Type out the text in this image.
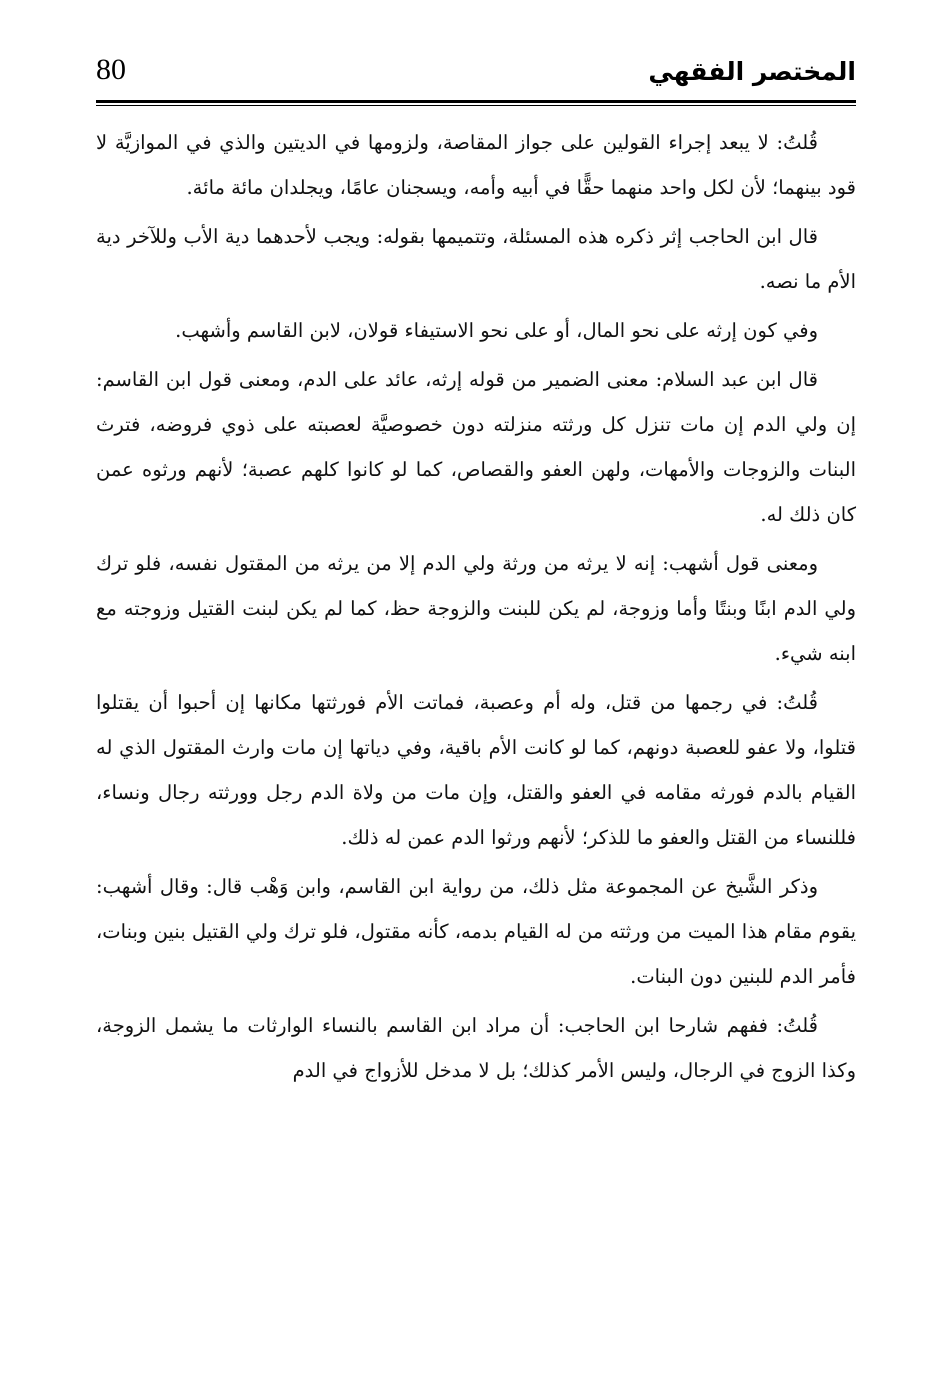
المختصر الفقهي
80

قُلتُ: لا يبعد إجراء القولين على جواز المقاصة، ولزومها في الديتين والذي في الموازيَّة لا قود بينهما؛ لأن لكل واحد منهما حقًّا في أبيه وأمه، ويسجنان عامًا، ويجلدان مائة مائة.

قال ابن الحاجب إثر ذكره هذه المسئلة، وتتميمها بقوله: ويجب لأحدهما دية الأب وللآخر دية الأم ما نصه.

وفي كون إرثه على نحو المال، أو على نحو الاستيفاء قولان، لابن القاسم وأشهب.

قال ابن عبد السلام: معنى الضمير من قوله إرثه، عائد على الدم، ومعنى قول ابن القاسم: إن ولي الدم إن مات تنزل كل ورثته منزلته دون خصوصيَّة لعصبته على ذوي فروضه، فترث البنات والزوجات والأمهات، ولهن العفو والقصاص، كما لو كانوا كلهم عصبة؛ لأنهم ورثوه عمن كان ذلك له.

ومعنى قول أشهب: إنه لا يرثه من ورثة ولي الدم إلا من يرثه من المقتول نفسه، فلو ترك ولي الدم ابنًا وبنتًا وأما وزوجة، لم يكن للبنت والزوجة حظ، كما لم يكن لبنت القتيل وزوجته مع ابنه شيء.

قُلتُ: في رجمها من قتل، وله أم وعصبة، فماتت الأم فورثتها مكانها إن أحبوا أن يقتلوا قتلوا، ولا عفو للعصبة دونهم، كما لو كانت الأم باقية، وفي دياتها إن مات وارث المقتول الذي له القيام بالدم فورثه مقامه في العفو والقتل، وإن مات من ولاة الدم رجل وورثته رجال ونساء، فللنساء من القتل والعفو ما للذكر؛ لأنهم ورثوا الدم عمن له ذلك.

وذكر الشَّيخ عن المجموعة مثل ذلك، من رواية ابن القاسم، وابن وَهْب قال: وقال أشهب: يقوم مقام هذا الميت من ورثته من له القيام بدمه، كأنه مقتول، فلو ترك ولي القتيل بنين وبنات، فأمر الدم للبنين دون البنات.

قُلتُ: ففهم شارحا ابن الحاجب: أن مراد ابن القاسم بالنساء الوارثات ما يشمل الزوجة، وكذا الزوج في الرجال، وليس الأمر كذلك؛ بل لا مدخل للأزواج في الدم
